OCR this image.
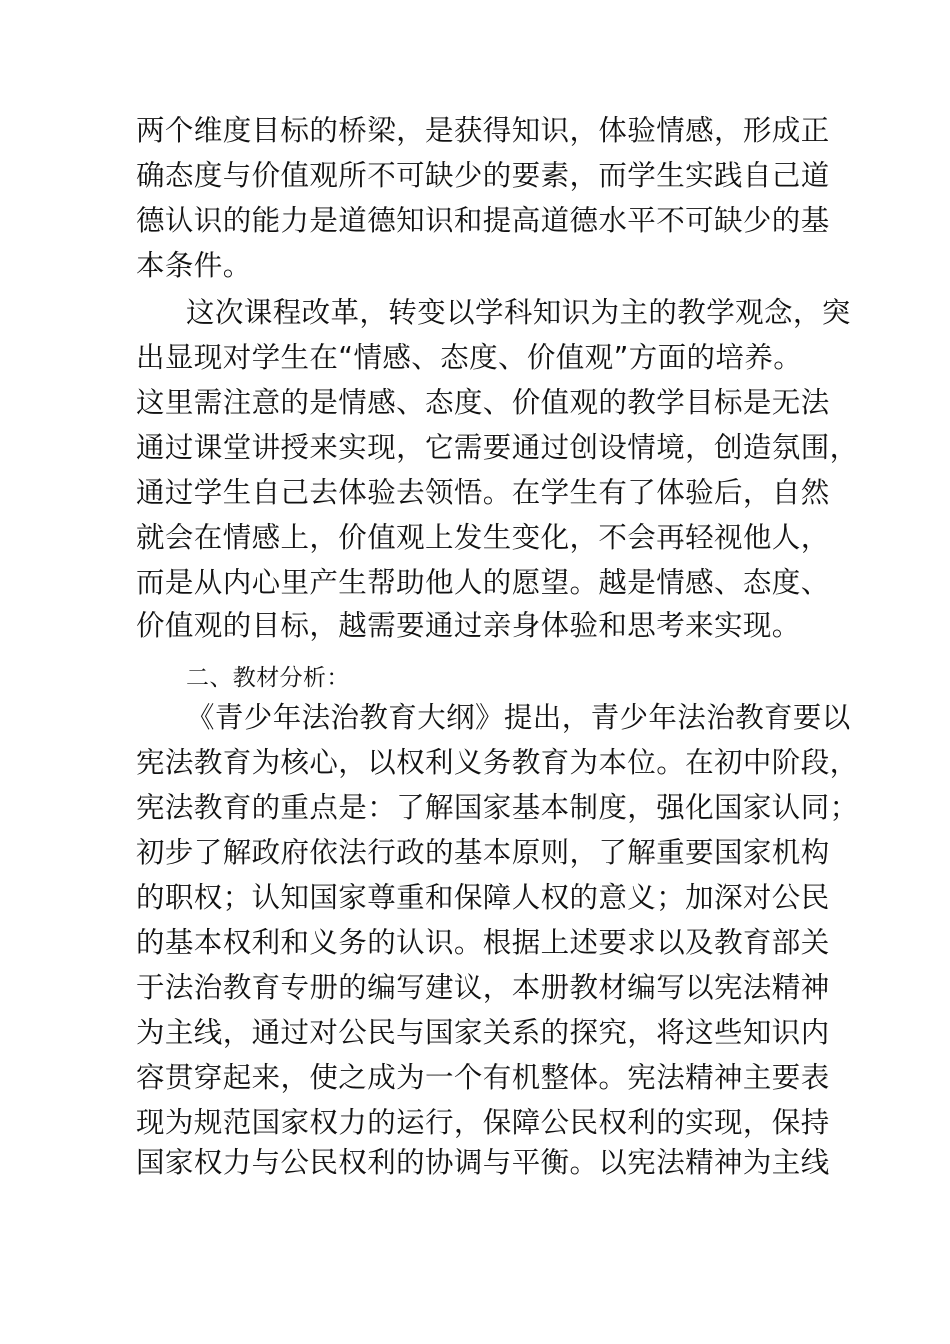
两个维度目标的桥梁，是获得知识，体验情感，形成正
确态度与价值观所不可缺少的要素，而学生实践自己道
德认识的能力是道德知识和提高道德水平不可缺少的基
本条件。
这次课程改革，转变以学科知识为主的教学观念，突
出显现对学生在“情感、态度、价值观”方面的培养。
这里需注意的是情感、态度、价值观的教学目标是无法
通过课堂讲授来实现，它需要通过创设情境，创造氛围，
通过学生自己去体验去领悟。在学生有了体验后，自然
就会在情感上，价值观上发生变化，不会再轻视他人，
而是从内心里产生帮助他人的愿望。越是情感、态度、
价值观的目标，越需要通过亲身体验和思考来实现。
二、教材分析：
《青少年法治教育大纲》提出，青少年法治教育要以
宪法教育为核心，以权利义务教育为本位。在初中阶段，
宪法教育的重点是：了解国家基本制度，强化国家认同；
初步了解政府依法行政的基本原则，了解重要国家机构
的职权；认知国家尊重和保障人权的意义；加深对公民
的基本权利和义务的认识。根据上述要求以及教育部关
于法治教育专册的编写建议，本册教材编写以宪法精神
为主线，通过对公民与国家关系的探究，将这些知识内
容贯穿起来，使之成为一个有机整体。宪法精神主要表
现为规范国家权力的运行，保障公民权利的实现，保持
国家权力与公民权利的协调与平衡。以宪法精神为主线
